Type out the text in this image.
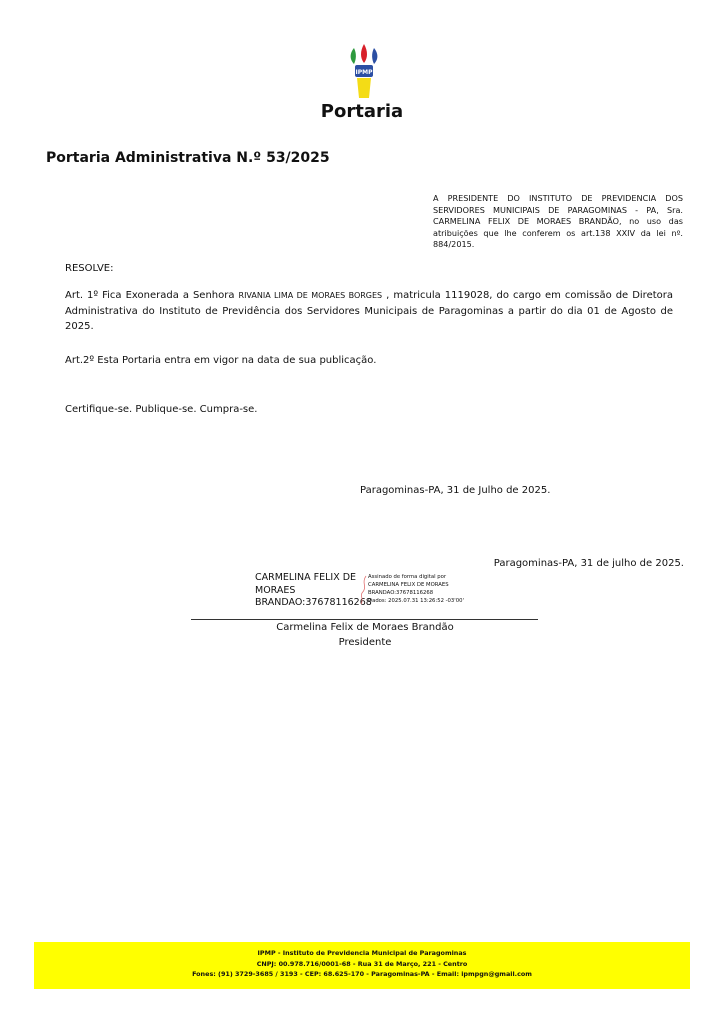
IPMP
Portaria
Portaria Administrativa N.º 53/2025
A PRESIDENTE DO INSTITUTO DE PREVIDENCIA DOS SERVIDORES MUNICIPAIS DE PARAGOMINAS - PA, Sra. CARMELINA FELIX DE MORAES BRANDÃO, no uso das atribuições que lhe conferem os art.138 XXIV da lei nº. 884/2015.
RESOLVE:
Art. 1º Fica Exonerada a Senhora RIVANIA LIMA DE MORAES BORGES , matricula 1119028, do cargo em comissão de Diretora Administrativa do Instituto de Previdência dos Servidores Municipais de Paragominas a partir do dia 01 de Agosto de 2025.
Art.2º Esta Portaria entra em vigor na data de sua publicação.
Certifique-se. Publique-se. Cumpra-se.
Paragominas-PA, 31 de Julho de 2025.
Paragominas-PA, 31 de julho de 2025.
CARMELINA FELIX DE
MORAES
BRANDAO:37678116268
Assinado de forma digital por
CARMELINA FELIX DE MORAES
BRANDAO:37678116268
Dados: 2025.07.31 13:26:52 -03'00'
Carmelina Felix de Moraes Brandão
Presidente
IPMP - Instituto de Previdencia Municipal de Paragominas
CNPJ: 00.978.716/0001-68 - Rua 31 de Março, 221 - Centro
Fones: (91) 3729-3685 / 3193 - CEP: 68.625-170 - Paragominas-PA - Email: ipmpgn@gmail.com
